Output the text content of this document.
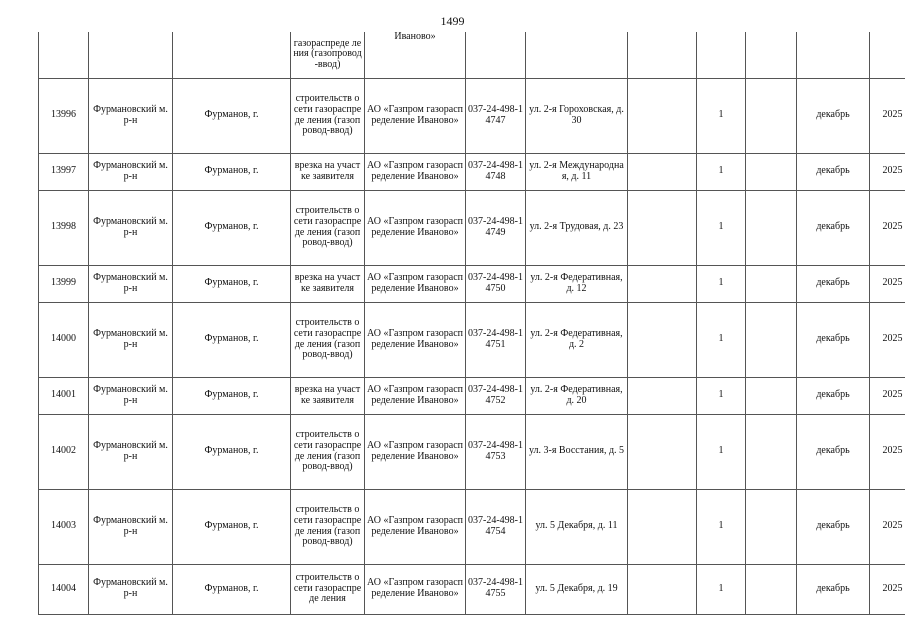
1499
			газораспреде ления (газопровод-ввод)	Иваново»							
13996	Фурмановский м.р-н	Фурманов, г.	строительств о сети газораспреде ления (газопровод-ввод)	АО «Газпром газораспределение Иваново»	037-24-498-14747	ул. 2-я Гороховская, д. 30		1		декабрь	2025
13997	Фурмановский м.р-н	Фурманов, г.	врезка на участке заявителя	АО «Газпром газораспределение Иваново»	037-24-498-14748	ул. 2-я Международная, д. 11		1		декабрь	2025
13998	Фурмановский м.р-н	Фурманов, г.	строительств о сети газораспреде ления (газопровод-ввод)	АО «Газпром газораспределение Иваново»	037-24-498-14749	ул. 2-я Трудовая, д. 23		1		декабрь	2025
13999	Фурмановский м.р-н	Фурманов, г.	врезка на участке заявителя	АО «Газпром газораспределение Иваново»	037-24-498-14750	ул. 2-я Федеративная, д. 12		1		декабрь	2025
14000	Фурмановский м.р-н	Фурманов, г.	строительств о сети газораспреде ления (газопровод-ввод)	АО «Газпром газораспределение Иваново»	037-24-498-14751	ул. 2-я Федеративная, д. 2		1		декабрь	2025
14001	Фурмановский м.р-н	Фурманов, г.	врезка на участке заявителя	АО «Газпром газораспределение Иваново»	037-24-498-14752	ул. 2-я Федеративная, д. 20		1		декабрь	2025
14002	Фурмановский м.р-н	Фурманов, г.	строительств о сети газораспреде ления (газопровод-ввод)	АО «Газпром газораспределение Иваново»	037-24-498-14753	ул. 3-я Восстания, д. 5		1		декабрь	2025
14003	Фурмановский м.р-н	Фурманов, г.	строительств о сети газораспреде ления (газопровод-ввод)	АО «Газпром газораспределение Иваново»	037-24-498-14754	ул. 5 Декабря, д. 11		1		декабрь	2025
14004	Фурмановский м.р-н	Фурманов, г.	строительств о сети газораспреде ления	АО «Газпром газораспределение Иваново»	037-24-498-14755	ул. 5 Декабря, д. 19		1		декабрь	2025
